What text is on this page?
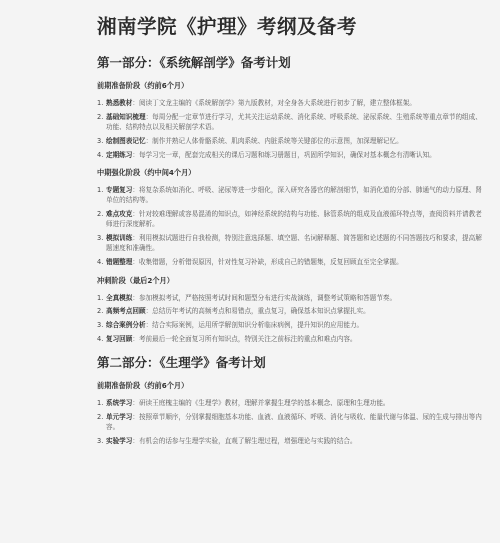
湘南学院《护理》考纲及备考
第一部分：《系统解剖学》备考计划
前期准备阶段（约前6个月）
1. 熟悉教材：阅读丁文龙主编的《系统解剖学》第九版教材，对全身各大系统进行初步了解，建立整体框架。
2. 基础知识梳理：每周分配一定章节进行学习，尤其关注运动系统、消化系统、呼吸系统、泌尿系统、生殖系统等重点章节的组成、功能、结构特点以及相关解剖学术语。
3. 绘制图表记忆：制作并熟记人体骨骼系统、肌肉系统、内脏系统等关键部位的示意图，加深理解记忆。
4. 定期练习：每学习完一章，配套完成相关的课后习题和练习册题目，巩固所学知识，确保对基本概念有清晰认知。
中期强化阶段（约中间4个月）
1. 专题复习：将复杂系统如消化、呼吸、泌尿等进一步细化，深入研究各器官的解剖细节，如消化道的分部、肺通气的动力原理、肾单位的结构等。
2. 难点攻克：针对较难理解或容易混淆的知识点，如神经系统的结构与功能、脉管系统的组成及血液循环特点等，查阅资料并请教老师进行深度解析。
3. 模拟训练：利用模拟试题进行自我检测，特别注意选择题、填空题、名词解释题、简答题和论述题的不同答题技巧和要求，提高解题速度和准确性。
4. 错题整理：收集错题，分析错误原因，针对性复习补缺，形成自己的错题集，反复回顾直至完全掌握。
冲刺阶段（最后2个月）
1. 全真模拟：参加模拟考试，严格按照考试时间和题型分布进行实战演练，调整考试策略和答题节奏。
2. 高频考点回顾：总结历年考试的高频考点和易错点，重点复习，确保基本知识点掌握扎实。
3. 综合案例分析：结合实际案例，运用所学解剖知识分析临床病例，提升知识的应用能力。
4. 复习回顾：考前最后一轮全面复习所有知识点，特别关注之前标注的重点和难点内容。
第二部分：《生理学》备考计划
前期准备阶段（约前6个月）
1. 系统学习：研读王庭槐主编的《生理学》教材，理解并掌握生理学的基本概念、原理和生理功能。
2. 单元学习：按照章节顺序，分别掌握细胞基本功能、血液、血液循环、呼吸、消化与吸收、能量代谢与体温、尿的生成与排出等内容。
3. 实验学习：有机会的话参与生理学实验，直观了解生理过程，增强理论与实践的结合。
